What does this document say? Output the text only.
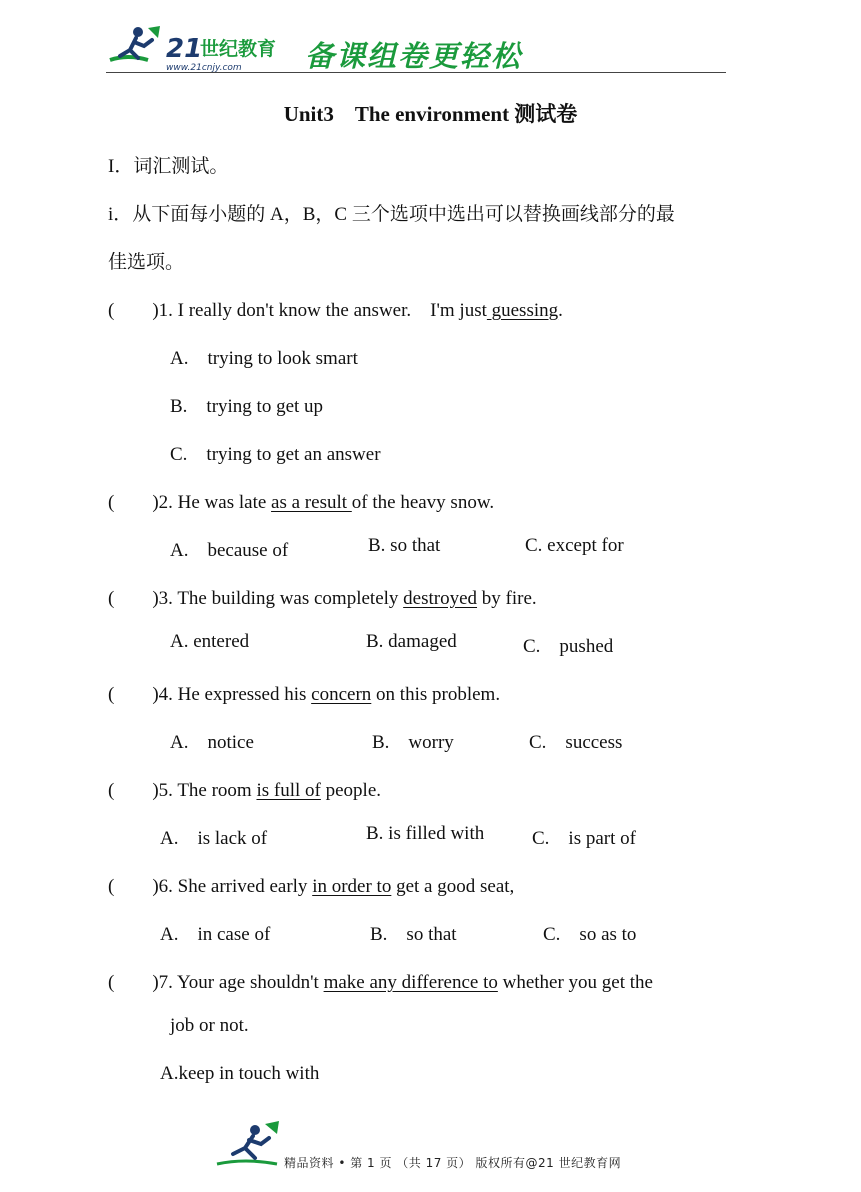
21
世纪教育
www.21cnjy.com 备课组卷更轻松
Unit3　The environment 测试卷
I．词汇测试。
i．从下面每小题的 A，B，C 三个选项中选出可以替换画线部分的最
佳选项。
(　　)1. I really don't know the answer.　I'm just guessing.
A.　trying to look smart
B.　trying to get up
C.　trying to get an answer
(　　)2. He was late as a result of the heavy snow.
A.　because of	B. so that	C. except for
(　　)3. The building was completely destroyed by fire.
A. entered	B. damaged	C.　pushed
(　　)4. He expressed his concern on this problem.
A.　notice	B.　worry	C.　success
(　　)5. The room is full of people.
A.　is lack of	B. is filled with	C.　is part of
(　　)6. She arrived early in order to get a good seat,
A.　in case of	B.　so that	C.　so as to
(　　)7. Your age shouldn't make any difference to whether you get the
job or not.
A.keep in touch with
精品资料 • 第 1 页 （共 17 页） 版权所有@21 世纪教育网
